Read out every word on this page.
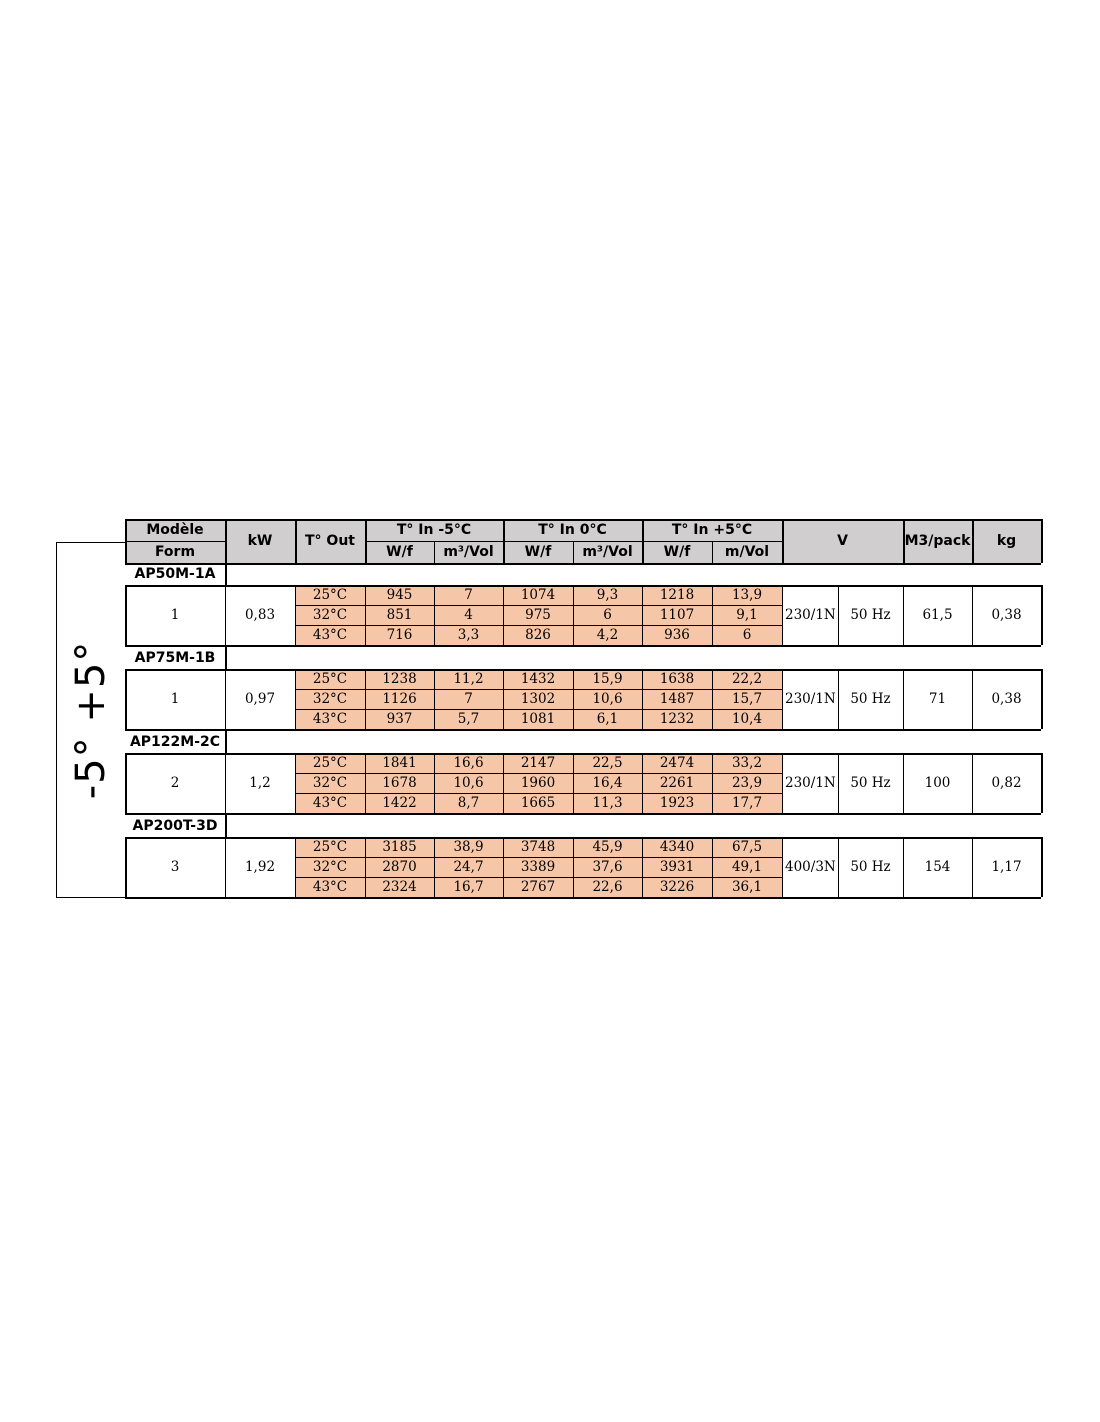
-5° +5°
Modèle
Form
kW	T° Out
T° In -5°C	T° In 0°C	T° In +5°C
W/f	m³/Vol	W/f	m³/Vol	W/f	m/Vol
V	M3/pack	kg
AP50M-1A
1	0,83	230/1N	50 Hz	61,5	0,38
25°C	945	7	1074	9,3	1218	13,9
32°C	851	4	975	6	1107	9,1
43°C	716	3,3	826	4,2	936	6
AP75M-1B
1	0,97	230/1N	50 Hz	71	0,38
25°C	1238	11,2	1432	15,9	1638	22,2
32°C	1126	7	1302	10,6	1487	15,7
43°C	937	5,7	1081	6,1	1232	10,4
AP122M-2C
2	1,2	230/1N	50 Hz	100	0,82
25°C	1841	16,6	2147	22,5	2474	33,2
32°C	1678	10,6	1960	16,4	2261	23,9
43°C	1422	8,7	1665	11,3	1923	17,7
AP200T-3D
3	1,92	400/3N	50 Hz	154	1,17
25°C	3185	38,9	3748	45,9	4340	67,5
32°C	2870	24,7	3389	37,6	3931	49,1
43°C	2324	16,7	2767	22,6	3226	36,1
